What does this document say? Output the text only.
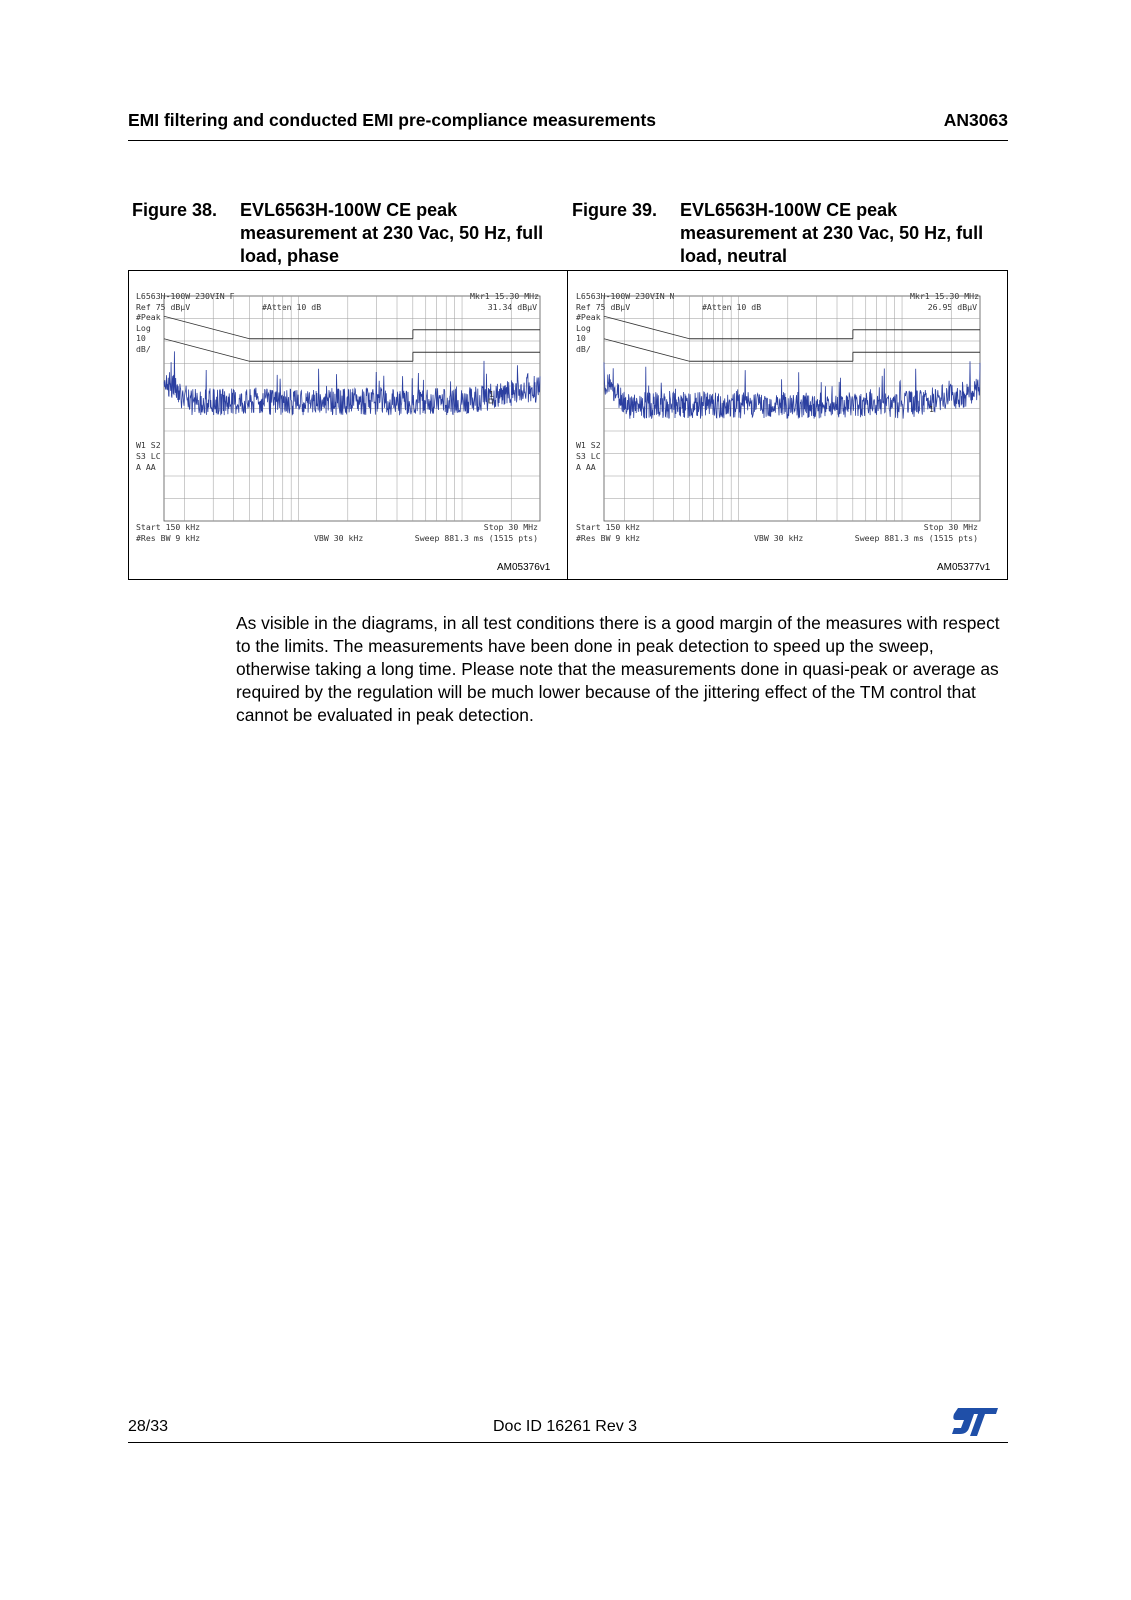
EMI filtering and conducted EMI pre-compliance measurements	AN3063
Figure 38. EVL6563H-100W CE peak measurement at 230 Vac, 50 Hz, full load, phase
Figure 39. EVL6563H-100W CE peak measurement at 230 Vac, 50 Hz, full load, neutral
L6563H-100W 230VIN F
Ref 75 dBµV	#Atten 10 dB
Mkr1 15.30 MHz
31.34 dBµV
#Peak
Log
10
dB/
W1 S2
S3 LC
A AA
1
Start 150 kHz	Stop 30 MHz
#Res BW 9 kHz	VBW 30 kHz	Sweep 881.3 ms (1515 pts)
AM05376v1
L6563H-100W 230VIN N
Ref 75 dBµV	#Atten 10 dB
Mkr1 15.30 MHz
26.95 dBµV
#Peak
Log
10
dB/
W1 S2
S3 LC
A AA
1
Start 150 kHz	Stop 30 MHz
#Res BW 9 kHz	VBW 30 kHz	Sweep 881.3 ms (1515 pts)
AM05377v1

As visible in the diagrams, in all test conditions there is a good margin of the measures with respect to the limits. The measurements have been done in peak detection to speed up the sweep, otherwise taking a long time. Please note that the measurements done in quasi-peak or average as required by the regulation will be much lower because of the jittering effect of the TM control that cannot be evaluated in peak detection.

28/33	Doc ID 16261 Rev 3
